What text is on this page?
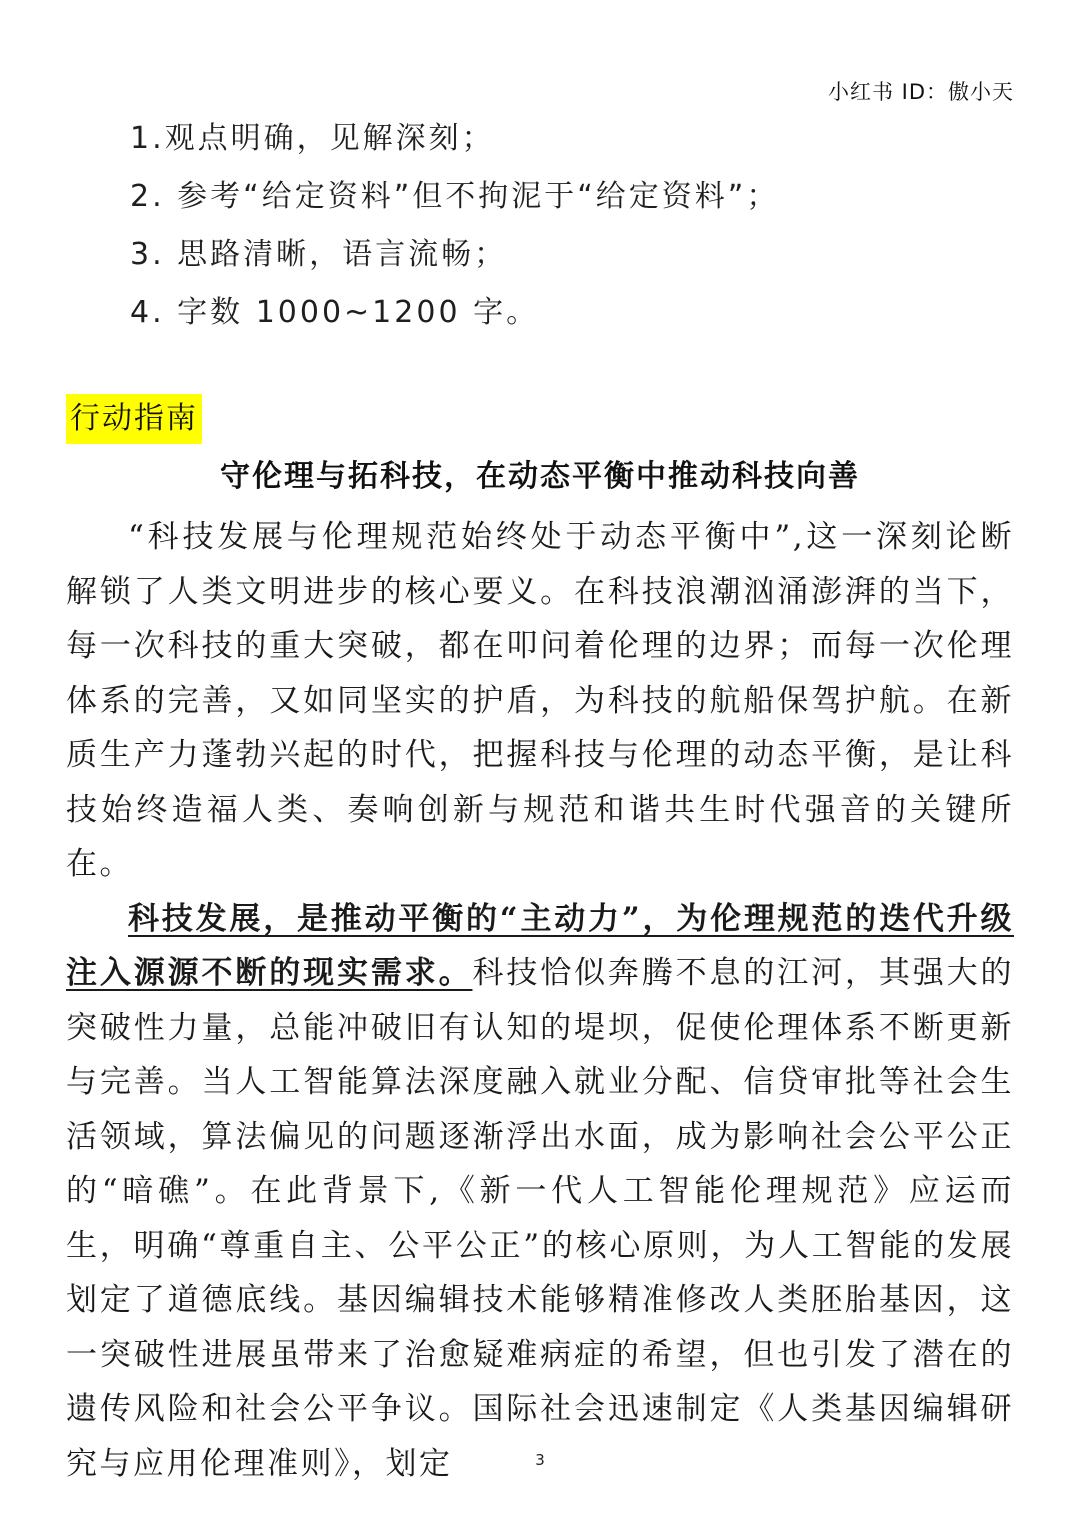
小红书 ID：傲小天
1.观点明确，见解深刻；
2. 参考“给定资料”但不拘泥于“给定资料”；
3. 思路清晰，语言流畅；
4. 字数 1000~1200 字。
行动指南
守伦理与拓科技，在动态平衡中推动科技向善

“科技发展与伦理规范始终处于动态平衡中”,这一深刻论断解锁了人类文明进步的核心要义。在科技浪潮汹涌澎湃的当下，每一次科技的重大突破，都在叩问着伦理的边界；而每一次伦理体系的完善，又如同坚实的护盾，为科技的航船保驾护航。在新质生产力蓬勃兴起的时代，把握科技与伦理的动态平衡，是让科技始终造福人类、奏响创新与规范和谐共生时代强音的关键所在。

科技发展，是推动平衡的“主动力”，为伦理规范的迭代升级注入源源不断的现实需求。科技恰似奔腾不息的江河，其强大的突破性力量，总能冲破旧有认知的堤坝，促使伦理体系不断更新与完善。当人工智能算法深度融入就业分配、信贷审批等社会生活领域，算法偏见的问题逐渐浮出水面，成为影响社会公平公正的“暗礁”。在此背景下,《新一代人工智能伦理规范》应运而生，明确“尊重自主、公平公正”的核心原则，为人工智能的发展划定了道德底线。基因编辑技术能够精准修改人类胚胎基因，这一突破性进展虽带来了治愈疑难病症的希望，但也引发了潜在的遗传风险和社会公平争议。国际社会迅速制定《人类基因编辑研究与应用伦理准则》，划定	3
